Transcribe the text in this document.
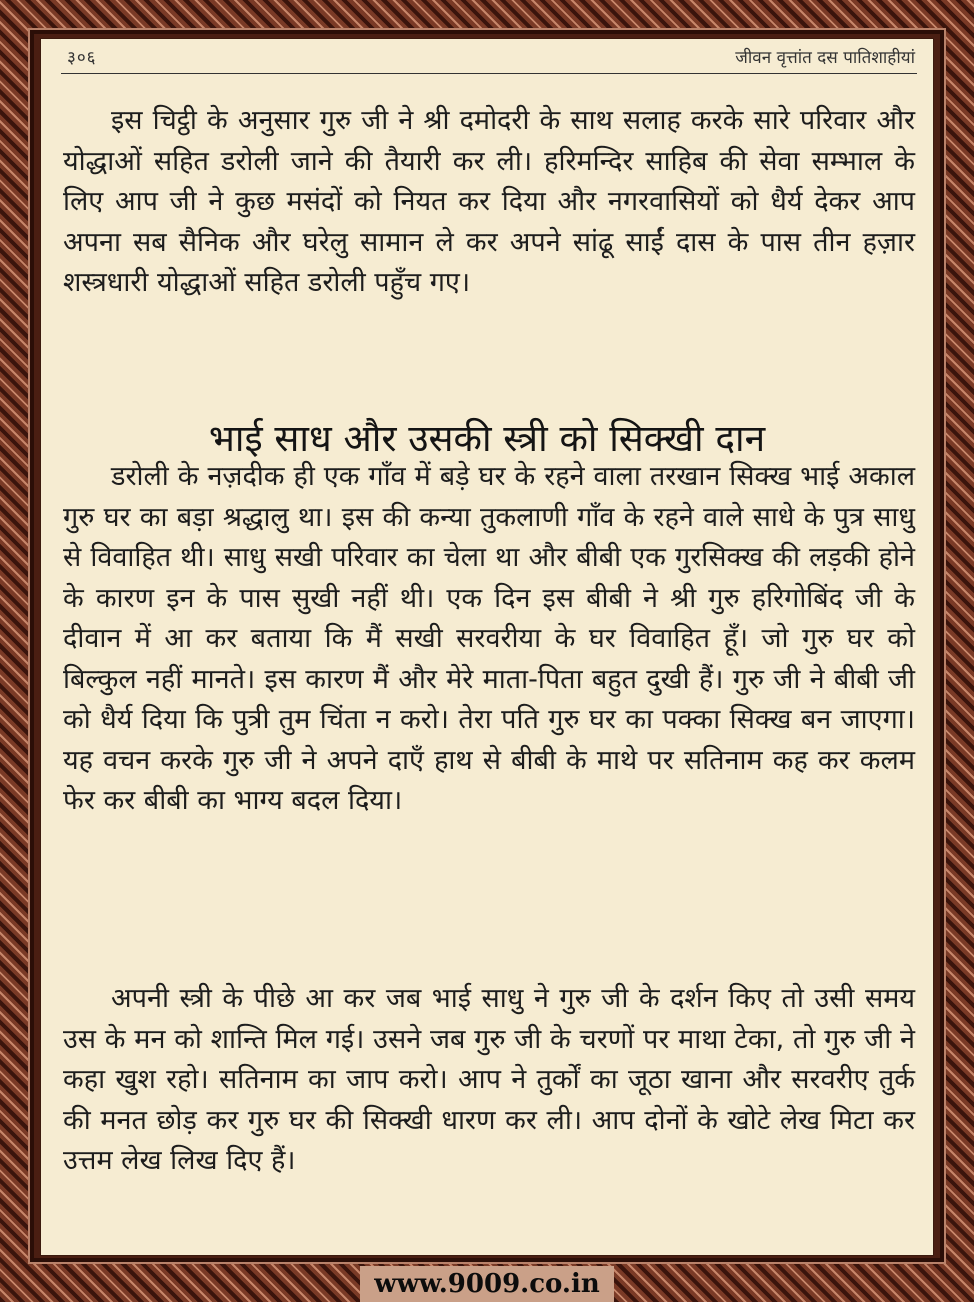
३०६	जीवन वृत्तांत दस पातिशाहीयां
इस चिट्ठी के अनुसार गुरु जी ने श्री दमोदरी के साथ सलाह करके सारे परिवार और योद्धाओं सहित डरोली जाने की तैयारी कर ली। हरिमन्दिर साहिब की सेवा सम्भाल के लिए आप जी ने कुछ मसंदों को नियत कर दिया और नगरवासियों को धैर्य देकर आप अपना सब सैनिक और घरेलु सामान ले कर अपने सांढू साईं दास के पास तीन हज़ार शस्त्रधारी योद्धाओं सहित डरोली पहुँच गए।
भाई साध और उसकी स्त्री को सिक्खी दान
डरोली के नज़दीक ही एक गाँव में बड़े घर के रहने वाला तरखान सिक्ख भाई अकाल गुरु घर का बड़ा श्रद्धालु था। इस की कन्या तुकलाणी गाँव के रहने वाले साधे के पुत्र साधु से विवाहित थी। साधु सखी परिवार का चेला था और बीबी एक गुरसिक्ख की लड़की होने के कारण इन के पास सुखी नहीं थी। एक दिन इस बीबी ने श्री गुरु हरिगोबिंद जी के दीवान में आ कर बताया कि मैं सखी सरवरीया के घर विवाहित हूँ। जो गुरु घर को बिल्कुल नहीं मानते। इस कारण मैं और मेरे माता-पिता बहुत दुखी हैं। गुरु जी ने बीबी जी को धैर्य दिया कि पुत्री तुम चिंता न करो। तेरा पति गुरु घर का पक्का सिक्ख बन जाएगा। यह वचन करके गुरु जी ने अपने दाएँ हाथ से बीबी के माथे पर सतिनाम कह कर कलम फेर कर बीबी का भाग्य बदल दिया।
अपनी स्त्री के पीछे आ कर जब भाई साधु ने गुरु जी के दर्शन किए तो उसी समय उस के मन को शान्ति मिल गई। उसने जब गुरु जी के चरणों पर माथा टेका, तो गुरु जी ने कहा खुश रहो। सतिनाम का जाप करो। आप ने तुर्कों का जूठा खाना और सरवरीए तुर्क की मनत छोड़ कर गुरु घर की सिक्खी धारण कर ली। आप दोनों के खोटे लेख मिटा कर उत्तम लेख लिख दिए हैं।
www.9009.co.in
